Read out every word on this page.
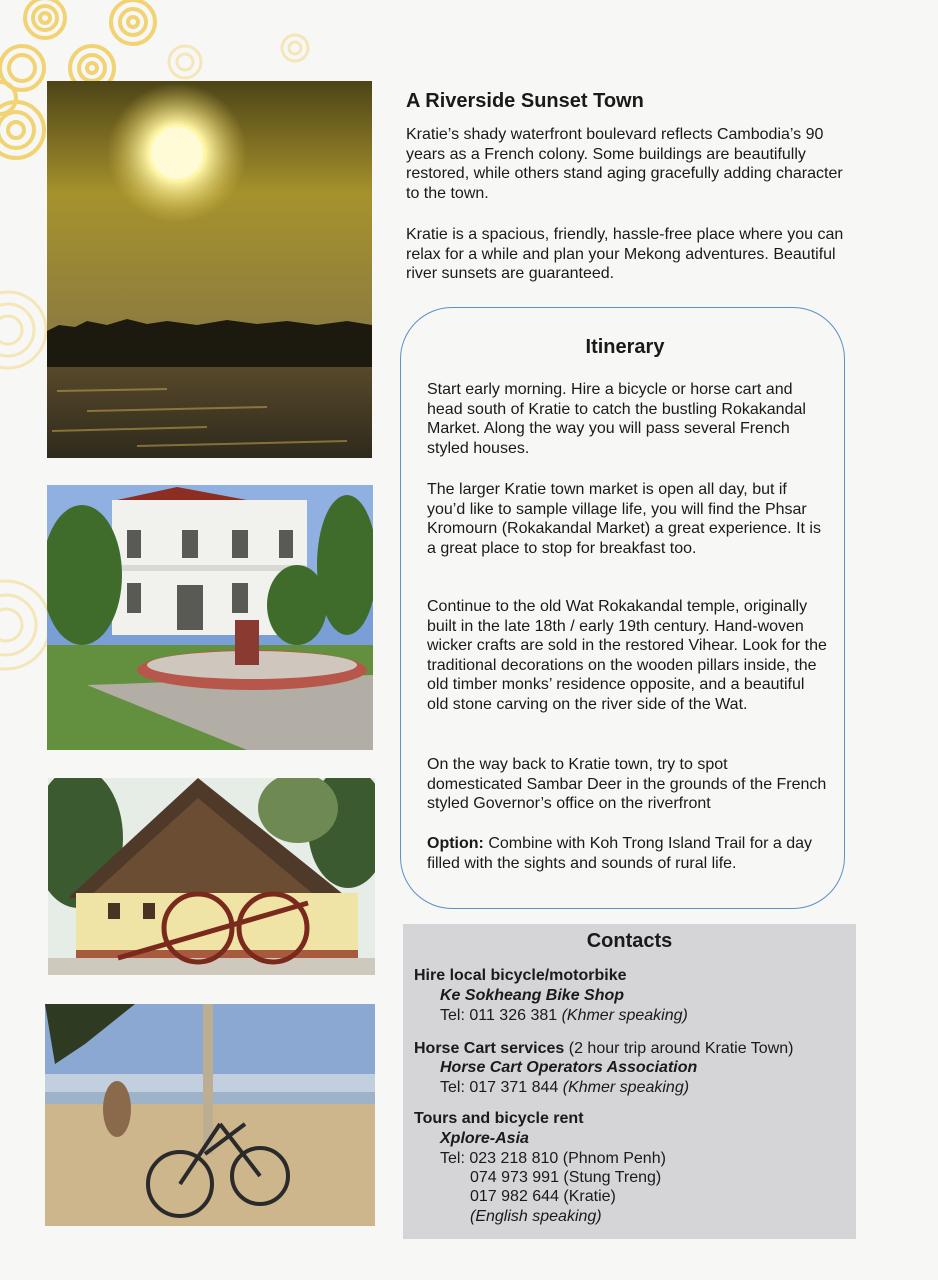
A Riverside Sunset Town

Kratie’s shady waterfront boulevard reflects Cambodia’s 90 years as a French colony. Some buildings are beautifully restored, while others stand aging gracefully adding character to the town.

Kratie is a spacious, friendly, hassle-free place where you can relax for a while and plan your Mekong adventures. Beautiful river sunsets are guaranteed.

Itinerary

Start early morning. Hire a bicycle or horse cart and head south of Kratie to catch the bustling Rokakandal Market. Along the way you will pass several French styled houses.

The larger Kratie town market is open all day, but if you’d like to sample village life, you will find the Phsar Kromourn (Rokakandal Market) a great experience. It is a great place to stop for breakfast too.

Continue to the old Wat Rokakandal temple, originally built in the late 18th / early 19th century. Hand-woven wicker crafts are sold in the restored Vihear. Look for the traditional decorations on the wooden pillars inside, the old timber monks’ residence opposite, and a beautiful old stone carving on the river side of the Wat.

On the way back to Kratie town, try to spot domesticated Sambar Deer in the grounds of the French styled Governor’s office on the riverfront

Option: Combine with Koh Trong Island Trail for a day filled with the sights and sounds of rural life.

Contacts
Hire local bicycle/motorbike
Ke Sokheang Bike Shop
Tel: 011 326 381 (Khmer speaking)
Horse Cart services (2 hour trip around Kratie Town)
Horse Cart Operators Association
Tel: 017 371 844 (Khmer speaking)
Tours and bicycle rent
Xplore-Asia
Tel: 023 218 810 (Phnom Penh)
074 973 991 (Stung Treng)
017 982 644 (Kratie)
(English speaking)
